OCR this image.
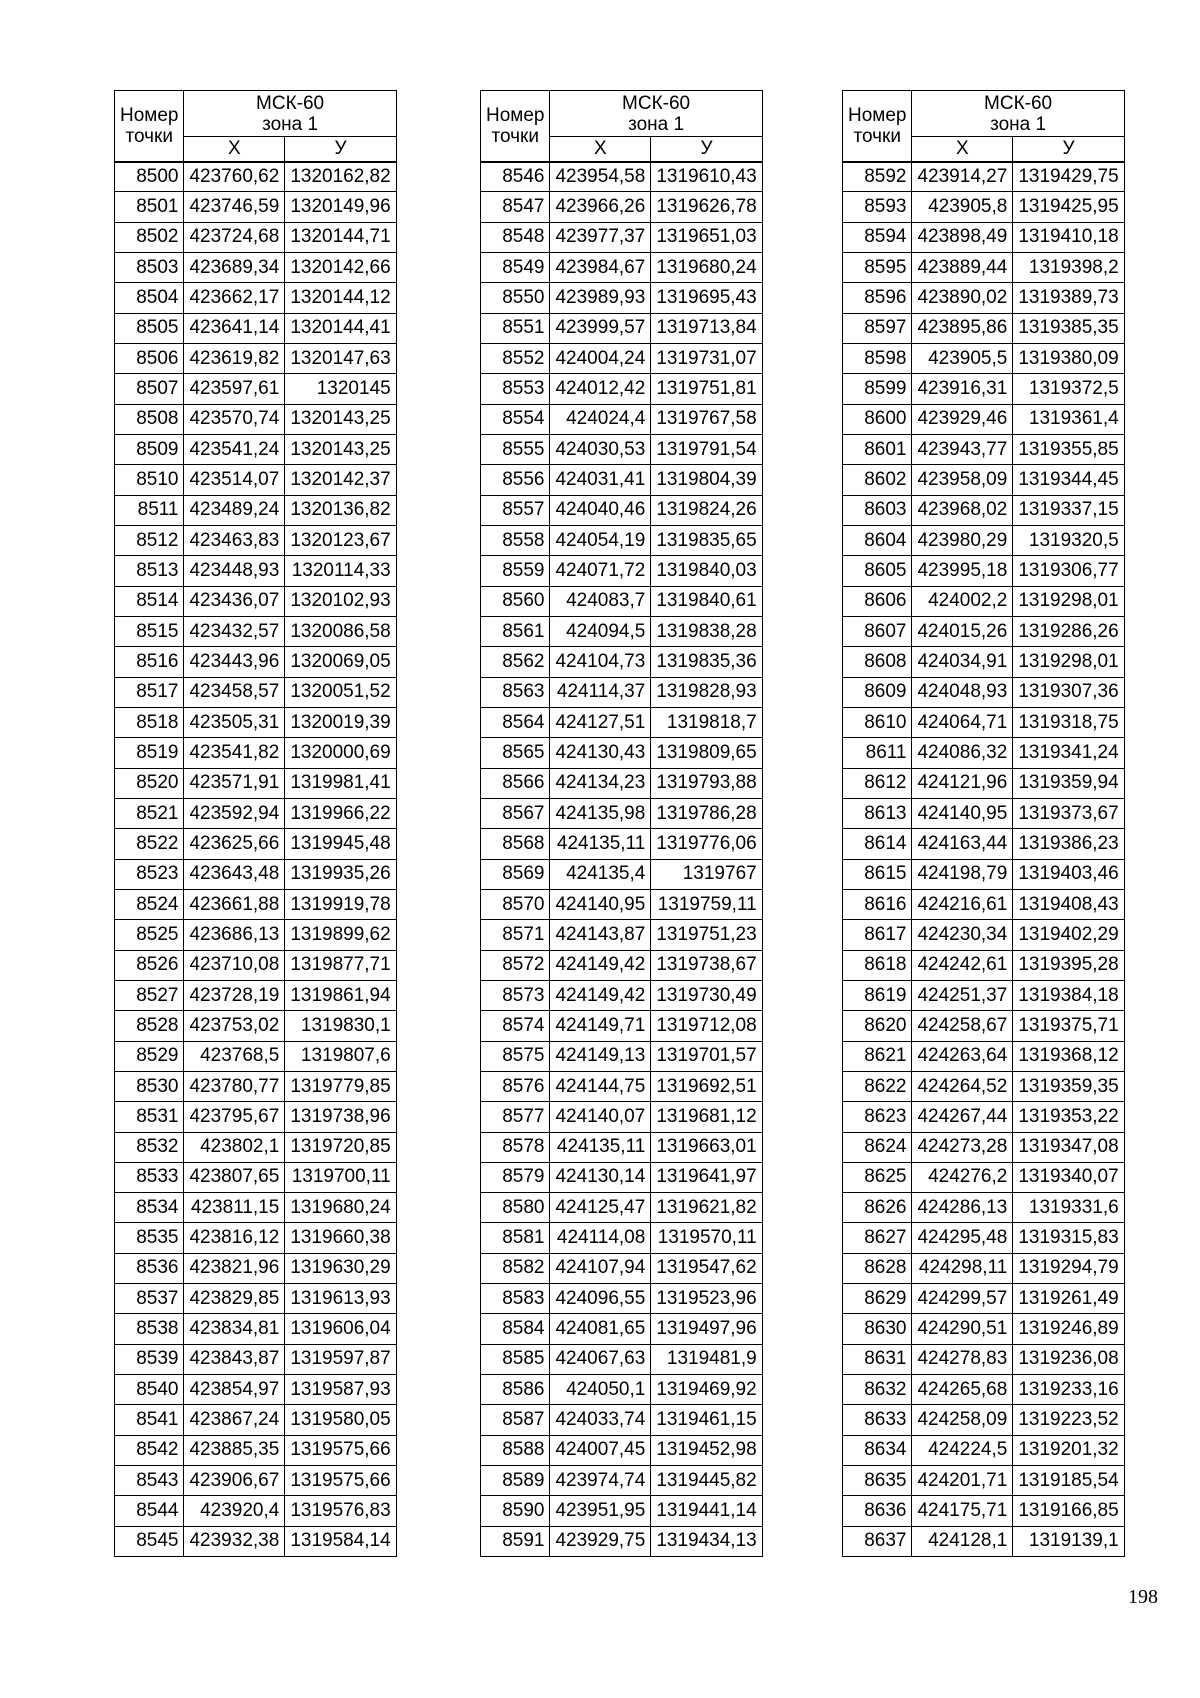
Номер точки	МСК-60 зона 1	
	Х	У
8500	423760,62	1320162,82
8501	423746,59	1320149,96
8502	423724,68	1320144,71
8503	423689,34	1320142,66
8504	423662,17	1320144,12
8505	423641,14	1320144,41
8506	423619,82	1320147,63
8507	423597,61	1320145
8508	423570,74	1320143,25
8509	423541,24	1320143,25
8510	423514,07	1320142,37
8511	423489,24	1320136,82
8512	423463,83	1320123,67
8513	423448,93	1320114,33
8514	423436,07	1320102,93
8515	423432,57	1320086,58
8516	423443,96	1320069,05
8517	423458,57	1320051,52
8518	423505,31	1320019,39
8519	423541,82	1320000,69
8520	423571,91	1319981,41
8521	423592,94	1319966,22
8522	423625,66	1319945,48
8523	423643,48	1319935,26
8524	423661,88	1319919,78
8525	423686,13	1319899,62
8526	423710,08	1319877,71
8527	423728,19	1319861,94
8528	423753,02	1319830,1
8529	423768,5	1319807,6
8530	423780,77	1319779,85
8531	423795,67	1319738,96
8532	423802,1	1319720,85
8533	423807,65	1319700,11
8534	423811,15	1319680,24
8535	423816,12	1319660,38
8536	423821,96	1319630,29
8537	423829,85	1319613,93
8538	423834,81	1319606,04
8539	423843,87	1319597,87
8540	423854,97	1319587,93
8541	423867,24	1319580,05
8542	423885,35	1319575,66
8543	423906,67	1319575,66
8544	423920,4	1319576,83
8545	423932,38	1319584,14
Номер точки	МСК-60 зона 1	
	Х	У
8546	423954,58	1319610,43
8547	423966,26	1319626,78
8548	423977,37	1319651,03
8549	423984,67	1319680,24
8550	423989,93	1319695,43
8551	423999,57	1319713,84
8552	424004,24	1319731,07
8553	424012,42	1319751,81
8554	424024,4	1319767,58
8555	424030,53	1319791,54
8556	424031,41	1319804,39
8557	424040,46	1319824,26
8558	424054,19	1319835,65
8559	424071,72	1319840,03
8560	424083,7	1319840,61
8561	424094,5	1319838,28
8562	424104,73	1319835,36
8563	424114,37	1319828,93
8564	424127,51	1319818,7
8565	424130,43	1319809,65
8566	424134,23	1319793,88
8567	424135,98	1319786,28
8568	424135,11	1319776,06
8569	424135,4	1319767
8570	424140,95	1319759,11
8571	424143,87	1319751,23
8572	424149,42	1319738,67
8573	424149,42	1319730,49
8574	424149,71	1319712,08
8575	424149,13	1319701,57
8576	424144,75	1319692,51
8577	424140,07	1319681,12
8578	424135,11	1319663,01
8579	424130,14	1319641,97
8580	424125,47	1319621,82
8581	424114,08	1319570,11
8582	424107,94	1319547,62
8583	424096,55	1319523,96
8584	424081,65	1319497,96
8585	424067,63	1319481,9
8586	424050,1	1319469,92
8587	424033,74	1319461,15
8588	424007,45	1319452,98
8589	423974,74	1319445,82
8590	423951,95	1319441,14
8591	423929,75	1319434,13
Номер точки	МСК-60 зона 1	
	Х	У
8592	423914,27	1319429,75
8593	423905,8	1319425,95
8594	423898,49	1319410,18
8595	423889,44	1319398,2
8596	423890,02	1319389,73
8597	423895,86	1319385,35
8598	423905,5	1319380,09
8599	423916,31	1319372,5
8600	423929,46	1319361,4
8601	423943,77	1319355,85
8602	423958,09	1319344,45
8603	423968,02	1319337,15
8604	423980,29	1319320,5
8605	423995,18	1319306,77
8606	424002,2	1319298,01
8607	424015,26	1319286,26
8608	424034,91	1319298,01
8609	424048,93	1319307,36
8610	424064,71	1319318,75
8611	424086,32	1319341,24
8612	424121,96	1319359,94
8613	424140,95	1319373,67
8614	424163,44	1319386,23
8615	424198,79	1319403,46
8616	424216,61	1319408,43
8617	424230,34	1319402,29
8618	424242,61	1319395,28
8619	424251,37	1319384,18
8620	424258,67	1319375,71
8621	424263,64	1319368,12
8622	424264,52	1319359,35
8623	424267,44	1319353,22
8624	424273,28	1319347,08
8625	424276,2	1319340,07
8626	424286,13	1319331,6
8627	424295,48	1319315,83
8628	424298,11	1319294,79
8629	424299,57	1319261,49
8630	424290,51	1319246,89
8631	424278,83	1319236,08
8632	424265,68	1319233,16
8633	424258,09	1319223,52
8634	424224,5	1319201,32
8635	424201,71	1319185,54
8636	424175,71	1319166,85
8637	424128,1	1319139,1
198
